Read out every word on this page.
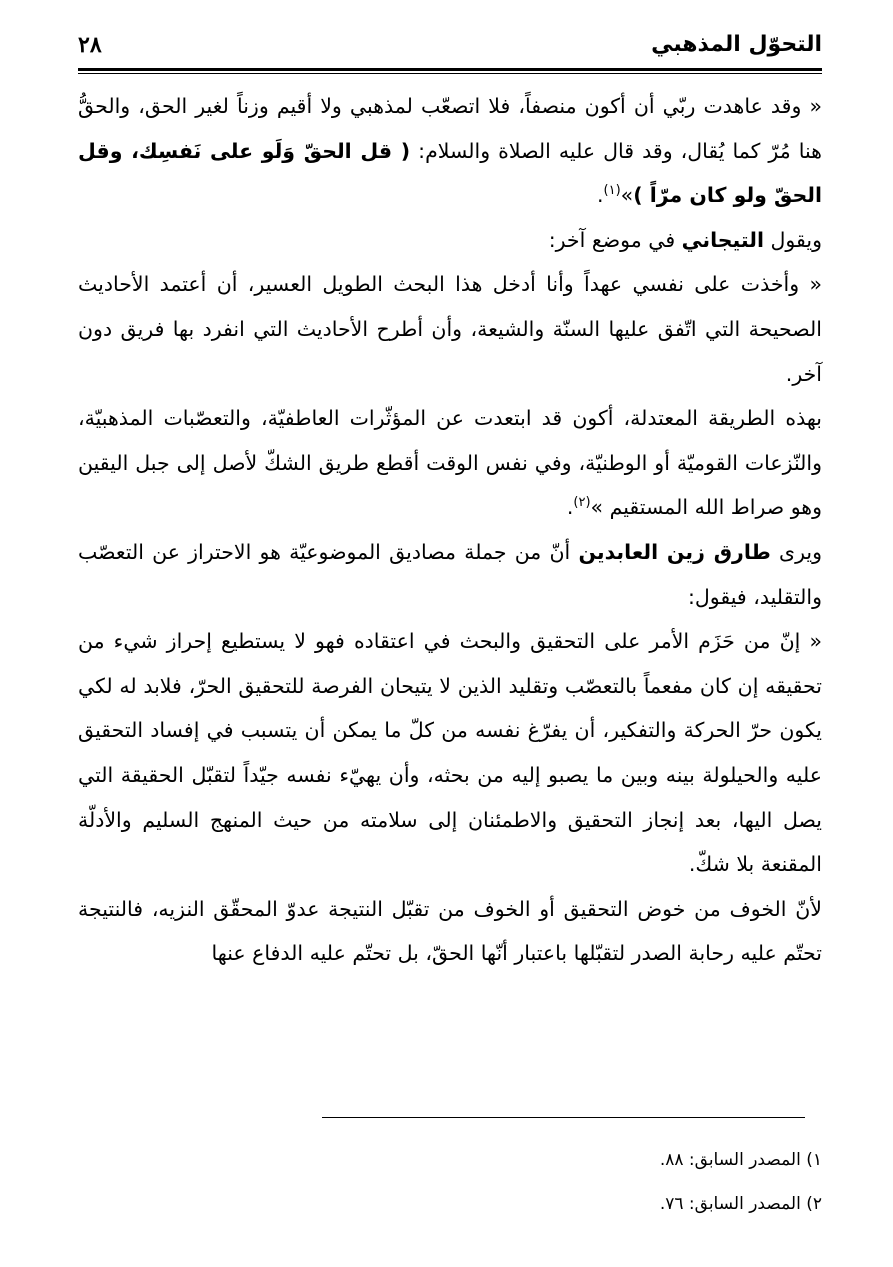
٢٨	التحوّل المذهبي

« وقد عاهدت ربّي أن أكون منصفاً، فلا اتصعّب لمذهبي ولا أقيم وزناً لغير الحق، والحقُّ هنا مُرّ كما يُقال، وقد قال عليه الصلاة والسلام: ( قل الحقّ وَلَو على نَفسِك، وقل الحقّ ولو كان مرّاً )»$^{(١)}$.

ويقول التيجاني في موضع آخر:

« وأخذت على نفسي عهداً وأنا أدخل هذا البحث الطويل العسير، أن أعتمد الأحاديث الصحيحة التي اتّفق عليها السنّة والشيعة، وأن أطرح الأحاديث التي انفرد بها فريق دون آخر.

بهذه الطريقة المعتدلة، أكون قد ابتعدت عن المؤثّرات العاطفيّة، والتعصّبات المذهبيّة، والنّزعات القوميّة أو الوطنيّة، وفي نفس الوقت أقطع طريق الشكّ لأصل إلى جبل اليقين وهو صراط الله المستقيم »$^{(٢)}$.

ويرى طارق زين العابدين أنّ من جملة مصاديق الموضوعيّة هو الاحتراز عن التعصّب والتقليد، فيقول:

« إنّ من حَزَم الأمر على التحقيق والبحث في اعتقاده فهو لا يستطيع إحراز شيء من تحقيقه إن كان مفعماً بالتعصّب وتقليد الذين لا يتيحان الفرصة للتحقيق الحرّ، فلابد له لكي يكون حرّ الحركة والتفكير، أن يفرّغ نفسه من كلّ ما يمكن أن يتسبب في إفساد التحقيق عليه والحيلولة بينه وبين ما يصبو إليه من بحثه، وأن يهيّء نفسه جيّداً لتقبّل الحقيقة التي يصل اليها، بعد إنجاز التحقيق والاطمئنان إلى سلامته من حيث المنهج السليم والأدلّة المقنعة بلا شكّ.

لأنّ الخوف من خوض التحقيق أو الخوف من تقبّل النتيجة عدوّ المحقّق النزيه، فالنتيجة تحتّم عليه رحابة الصدر لتقبّلها باعتبار أنّها الحقّ، بل تحتّم عليه الدفاع عنها

١) المصدر السابق: ٨٨.

٢) المصدر السابق: ٧٦.
